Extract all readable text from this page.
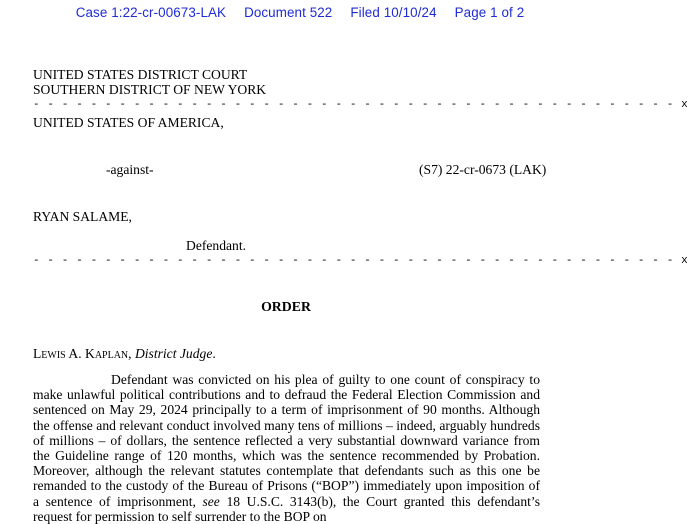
Case 1:22-cr-00673-LAK Document 522 Filed 10/10/24 Page 1 of 2
UNITED STATES DISTRICT COURT
SOUTHERN DISTRICT OF NEW YORK
- - - - - - - - - - - - - - - - - - - - - - - - - - - - - - - - - - - - - - - - - - - - - x
UNITED STATES OF AMERICA,
-against-	(S7) 22-cr-0673 (LAK)
RYAN SALAME,
Defendant.
- - - - - - - - - - - - - - - - - - - - - - - - - - - - - - - - - - - - - - - - - - - - - x
ORDER
Lewis A. Kaplan, District Judge.
Defendant was convicted on his plea of guilty to one count of conspiracy to make unlawful political contributions and to defraud the Federal Election Commission and sentenced on May 29, 2024 principally to a term of imprisonment of 90 months. Although the offense and relevant conduct involved many tens of millions – indeed, arguably hundreds of millions – of dollars, the sentence reflected a very substantial downward variance from the Guideline range of 120 months, which was the sentence recommended by Probation. Moreover, although the relevant statutes contemplate that defendants such as this one be remanded to the custody of the Bureau of Prisons (“BOP”) immediately upon imposition of a sentence of imprisonment, see 18 U.S.C. 3143(b), the Court granted this defendant’s request for permission to self surrender to the BOP on
